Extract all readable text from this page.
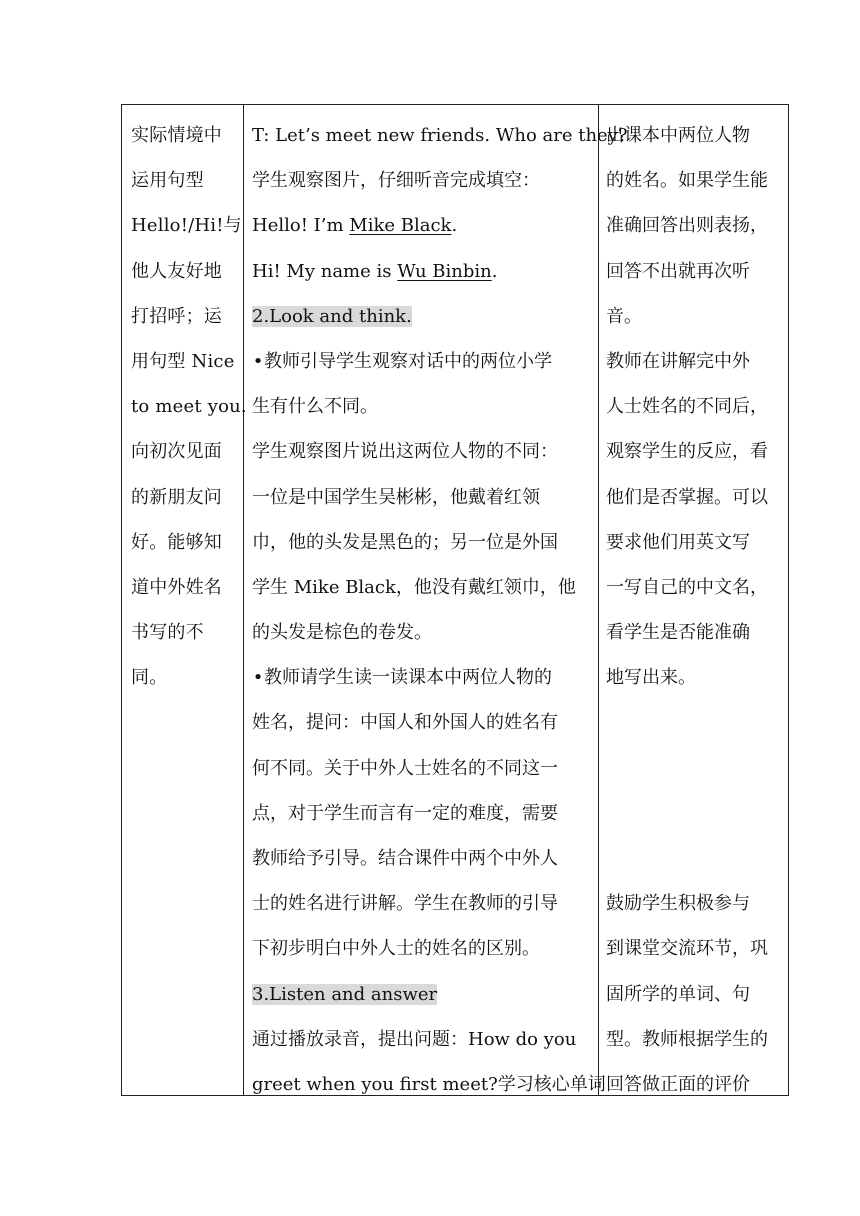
实际情境中
运用句型
Hello!/Hi!与
他人友好地
打招呼；运
用句型 Nice
to meet you.
向初次见面
的新朋友问
好。能够知
道中外姓名
书写的不
同。
T: Let’s meet new friends. Who are they?
学生观察图片，仔细听音完成填空：
Hello! I’m Mike Black.
Hi! My name is Wu Binbin.
2.Look and think.
•教师引导学生观察对话中的两位小学
生有什么不同。
学生观察图片说出这两位人物的不同：
一位是中国学生吴彬彬，他戴着红领
巾，他的头发是黑色的；另一位是外国
学生 Mike Black，他没有戴红领巾，他
的头发是棕色的卷发。
•教师请学生读一读课本中两位人物的
姓名，提问：中国人和外国人的姓名有
何不同。关于中外人士姓名的不同这一
点，对于学生而言有一定的难度，需要
教师给予引导。结合课件中两个中外人
士的姓名进行讲解。学生在教师的引导
下初步明白中外人士的姓名的区别。
3.Listen and answer
通过播放录音，提出问题：How do you
greet when you first meet?学习核心单词
出课本中两位人物
的姓名。如果学生能
准确回答出则表扬，
回答不出就再次听
音。
教师在讲解完中外
人士姓名的不同后，
观察学生的反应，看
他们是否掌握。可以
要求他们用英文写
一写自己的中文名，
看学生是否能准确
地写出来。
鼓励学生积极参与
到课堂交流环节，巩
固所学的单词、句
型。教师根据学生的
回答做正面的评价
